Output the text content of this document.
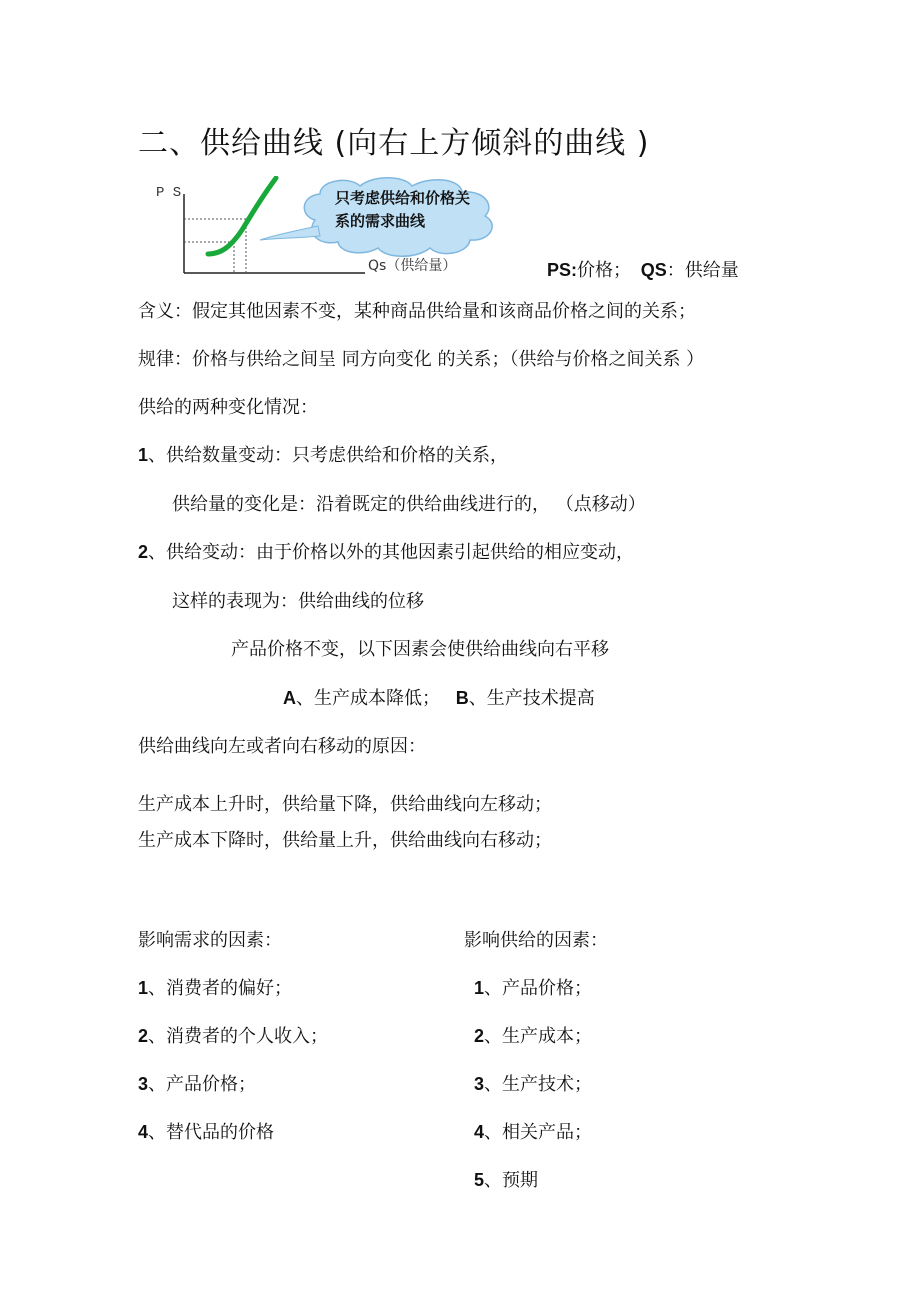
二、供给曲线 (向右上方倾斜的曲线 )
只考虑供给和价格关
系的需求曲线
P S
Qs（供给量）	PS:价格； QS：供给量
含义：假定其他因素不变，某种商品供给量和该商品价格之间的关系；
规律：价格与供给之间呈 同方向变化 的关系；（供给与价格之间关系 ）
供给的两种变化情况：
1、供给数量变动：只考虑供给和价格的关系，
供给量的变化是：沿着既定的供给曲线进行的， （点移动）
2、供给变动：由于价格以外的其他因素引起供给的相应变动，
这样的表现为：供给曲线的位移
产品价格不变，以下因素会使供给曲线向右平移
A、生产成本降低； B、生产技术提高
供给曲线向左或者向右移动的原因：
生产成本上升时，供给量下降，供给曲线向左移动；
生产成本下降时，供给量上升，供给曲线向右移动；
影响需求的因素：
1、消费者的偏好；
2、消费者的个人收入；
3、产品价格；
4、替代品的价格
影响供给的因素：
1、产品价格；
2、生产成本；
3、生产技术；
4、相关产品；
5、预期
